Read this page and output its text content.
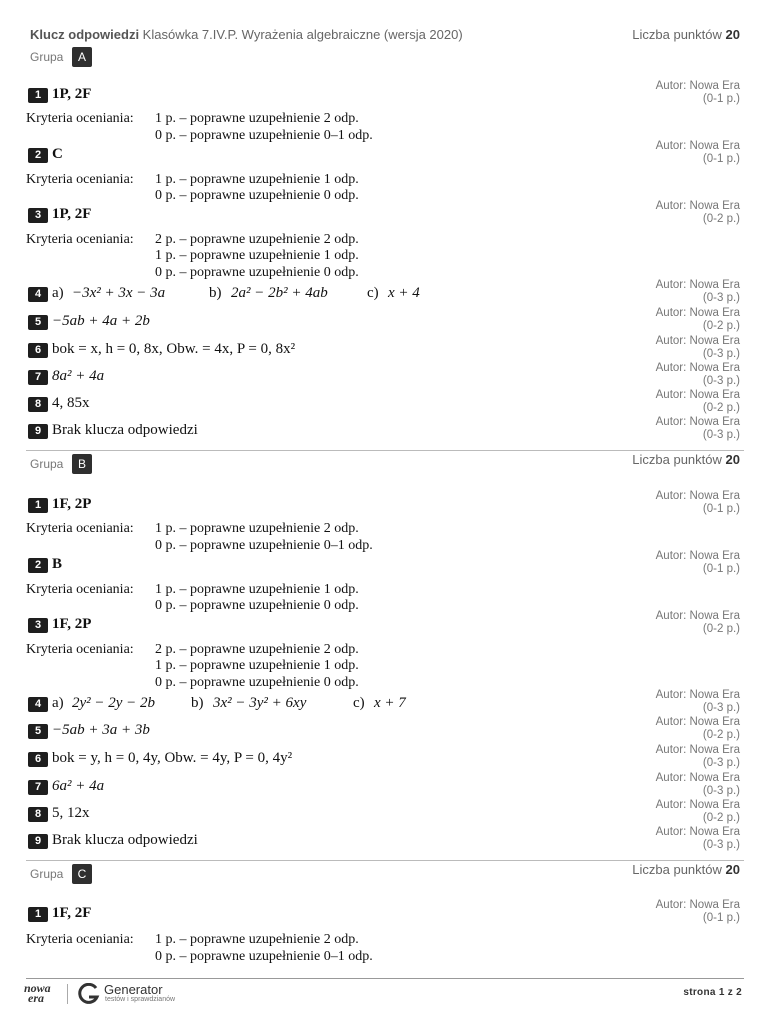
Klucz odpowiedzi Klasówka 7.IV.P. Wyrażenia algebraiczne (wersja 2020)	Liczba punktów 20
Grupa	A
1 1P, 2F	Autor: Nowa Era
(0-1 p.)
Kryteria oceniania: 1 p. – poprawne uzupełnienie 2 odp.
0 p. – poprawne uzupełnienie 0–1 odp.
2 C	Autor: Nowa Era
(0-1 p.)
Kryteria oceniania: 1 p. – poprawne uzupełnienie 1 odp.
0 p. – poprawne uzupełnienie 0 odp.
3 1P, 2F	Autor: Nowa Era
(0-2 p.)
Kryteria oceniania: 2 p. – poprawne uzupełnienie 2 odp.
1 p. – poprawne uzupełnienie 1 odp.
0 p. – poprawne uzupełnienie 0 odp.
4 a) −3x² + 3x − 3a	b) 2a² − 2b² + 4ab	c) x + 4	Autor: Nowa Era
(0-3 p.)
5 −5ab + 4a + 2b	Autor: Nowa Era
(0-2 p.)
6 bok = x, h = 0, 8x, Obw. = 4x, P = 0, 8x²	Autor: Nowa Era
(0-3 p.)
7 8a² + 4a	Autor: Nowa Era
(0-3 p.)
8 4, 85x	Autor: Nowa Era
(0-2 p.)
9 Brak klucza odpowiedzi	Autor: Nowa Era
(0-3 p.)
Grupa	B	Liczba punktów 20
1 1F, 2P	Autor: Nowa Era
(0-1 p.)
Kryteria oceniania: 1 p. – poprawne uzupełnienie 2 odp.
0 p. – poprawne uzupełnienie 0–1 odp.
2 B	Autor: Nowa Era
(0-1 p.)
Kryteria oceniania: 1 p. – poprawne uzupełnienie 1 odp.
0 p. – poprawne uzupełnienie 0 odp.
3 1F, 2P	Autor: Nowa Era
(0-2 p.)
Kryteria oceniania: 2 p. – poprawne uzupełnienie 2 odp.
1 p. – poprawne uzupełnienie 1 odp.
0 p. – poprawne uzupełnienie 0 odp.
4 a) 2y² − 2y − 2b b) 3x² − 3y² + 6xy	c) x + 7	Autor: Nowa Era
(0-3 p.)
5 −5ab + 3a + 3b	Autor: Nowa Era
(0-2 p.)
6 bok = y, h = 0, 4y, Obw. = 4y, P = 0, 4y²	Autor: Nowa Era
(0-3 p.)
7 6a² + 4a	Autor: Nowa Era
(0-3 p.)
8 5, 12x	Autor: Nowa Era
(0-2 p.)
9 Brak klucza odpowiedzi	Autor: Nowa Era
(0-3 p.)
Grupa	C	Liczba punktów 20
1 1F, 2F	Autor: Nowa Era
(0-1 p.)
Kryteria oceniania: 1 p. – poprawne uzupełnienie 2 odp.
0 p. – poprawne uzupełnienie 0–1 odp.
nowa
era
Generator
testów i sprawdzianów
strona 1 z 2
